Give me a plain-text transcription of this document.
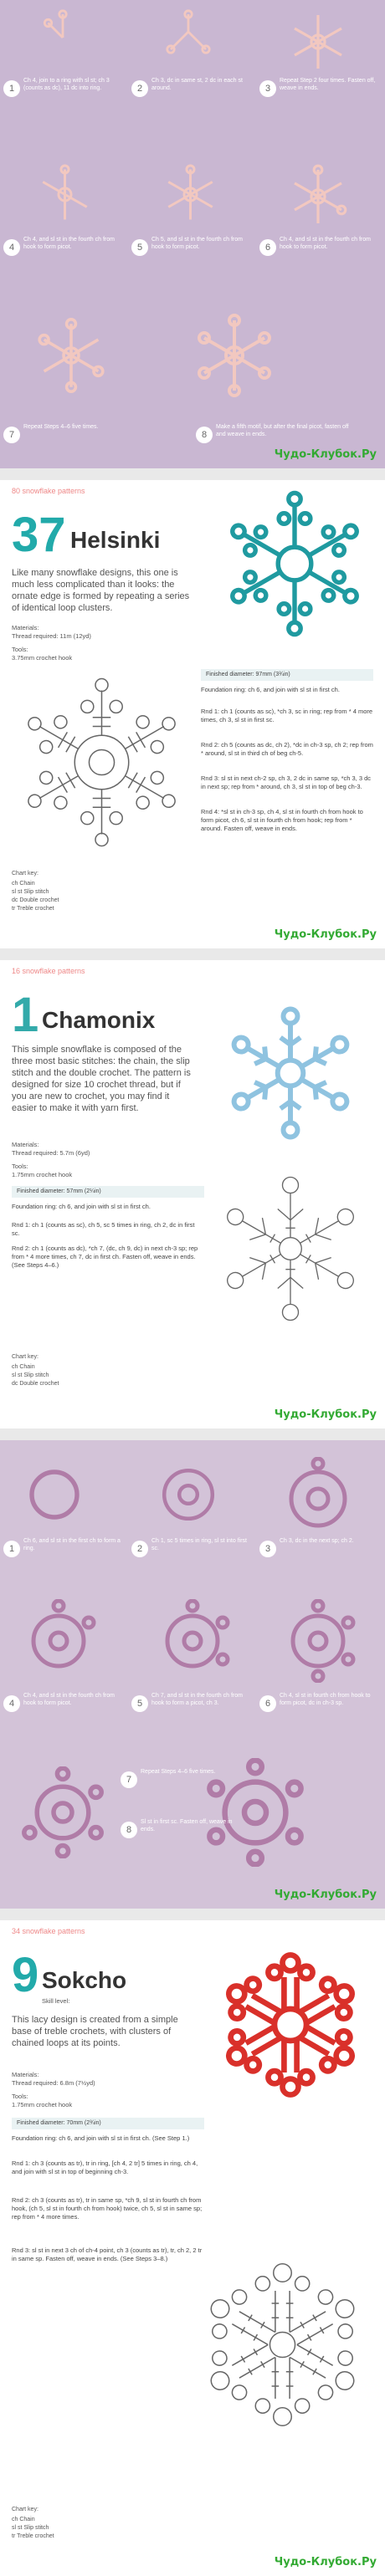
1
Ch 4, join to a ring with sl st; ch 3 (counts as dc), 11 dc into ring.	2
Ch 3, dc in same st, 2 dc in each st around.	3
Repeat Step 2 four times. Fasten off, weave in ends.
4
Ch 4, and sl st in the fourth ch from hook to form picot.	5
Ch 5, and sl st in the fourth ch from hook to form picot.	6
Ch 4, and sl st in the fourth ch from hook to form picot.
7
Repeat Steps 4–6 five times.
8
Make a fifth motif, but after the final picot, fasten off and weave in ends.
Чудо-Клубок.Ру
80 snowflake patterns
37 Helsinki
Like many snowflake designs, this one is much less complicated than it looks: the ornate edge is formed by repeating a series of identical loop clusters.
Materials:
Thread required: 11m (12yd)
Tools:
3.75mm crochet hook
Finished diameter: 97mm (3¾in)
Foundation ring: ch 6, and join with sl st in first ch.
Rnd 1: ch 1 (counts as sc), *ch 3, sc in ring; rep from * 4 more times, ch 3, sl st in first sc.
Rnd 2: ch 5 (counts as dc, ch 2), *dc in ch-3 sp, ch 2; rep from * around, sl st in third ch of beg ch-5.
Rnd 3: sl st in next ch-2 sp, ch 3, 2 dc in same sp, *ch 3, 3 dc in next sp; rep from * around, ch 3, sl st in top of beg ch-3.
Rnd 4: *sl st in ch-3 sp, ch 4, sl st in fourth ch from hook to form picot, ch 6, sl st in fourth ch from hook; rep from * around. Fasten off, weave in ends.
Chart key:
ch Chain
sl st Slip stitch
dc Double crochet
tr Treble crochet
Чудо-Клубок.Ру
16 snowflake patterns
1 Chamonix
This simple snowflake is composed of the three most basic stitches: the chain, the slip stitch and the double crochet. The pattern is designed for size 10 crochet thread, but if you are new to crochet, you may find it easier to make it with yarn first.
Materials:
Thread required: 5.7m (6yd)
Tools:
1.75mm crochet hook
Finished diameter: 57mm (2¼in)
Foundation ring: ch 6, and join with sl st in first ch.
Rnd 1: ch 1 (counts as sc), ch 5, sc 5 times in ring, ch 2, dc in first sc.
Rnd 2: ch 1 (counts as dc), *ch 7, (dc, ch 9, dc) in next ch-3 sp; rep from * 4 more times, ch 7, dc in first ch. Fasten off, weave in ends. (See Steps 4–6.)
Chart key:
ch Chain
sl st Slip stitch
dc Double crochet
Чудо-Клубок.Ру
1
Ch 6, and sl st in the first ch to form a ring.	2
Ch 1, sc 5 times in ring, sl st into first sc.	3
Ch 3, dc in the next sp; ch 2.
4
Ch 4, and sl st in the fourth ch from hook to form picot.	5
Ch 7, and sl st in the fourth ch from hook to form a picot, ch 3.	6
Ch 4, sl st in fourth ch from hook to form picot, dc in ch-3 sp.
7
Repeat Steps 4–6 five times.
8
Sl st in first sc. Fasten off, weave in ends.
Чудо-Клубок.Ру
34 snowflake patterns
9 Sokcho
Skill level:
This lacy design is created from a simple base of treble crochets, with clusters of chained loops at its points.
Materials:
Thread required: 6.8m (7½yd)
Tools:
1.75mm crochet hook
Finished diameter: 70mm (2¾in)
Foundation ring: ch 6, and join with sl st in first ch. (See Step 1.)
Rnd 1: ch 3 (counts as tr), tr in ring, [ch 4, 2 tr] 5 times in ring, ch 4, and join with sl st in top of beginning ch-3.
Rnd 2: ch 3 (counts as tr), tr in same sp, *ch 9, sl st in fourth ch from hook, (ch 5, sl st in fourth ch from hook) twice, ch 5, sl st in same sp; rep from * 4 more times.
Rnd 3: sl st in next 3 ch of ch-4 point, ch 3 (counts as tr), tr, ch 2, 2 tr in same sp. Fasten off, weave in ends. (See Steps 3–8.)
Chart key:
ch Chain
sl st Slip stitch
tr Treble crochet
Чудо-Клубок.Ру
